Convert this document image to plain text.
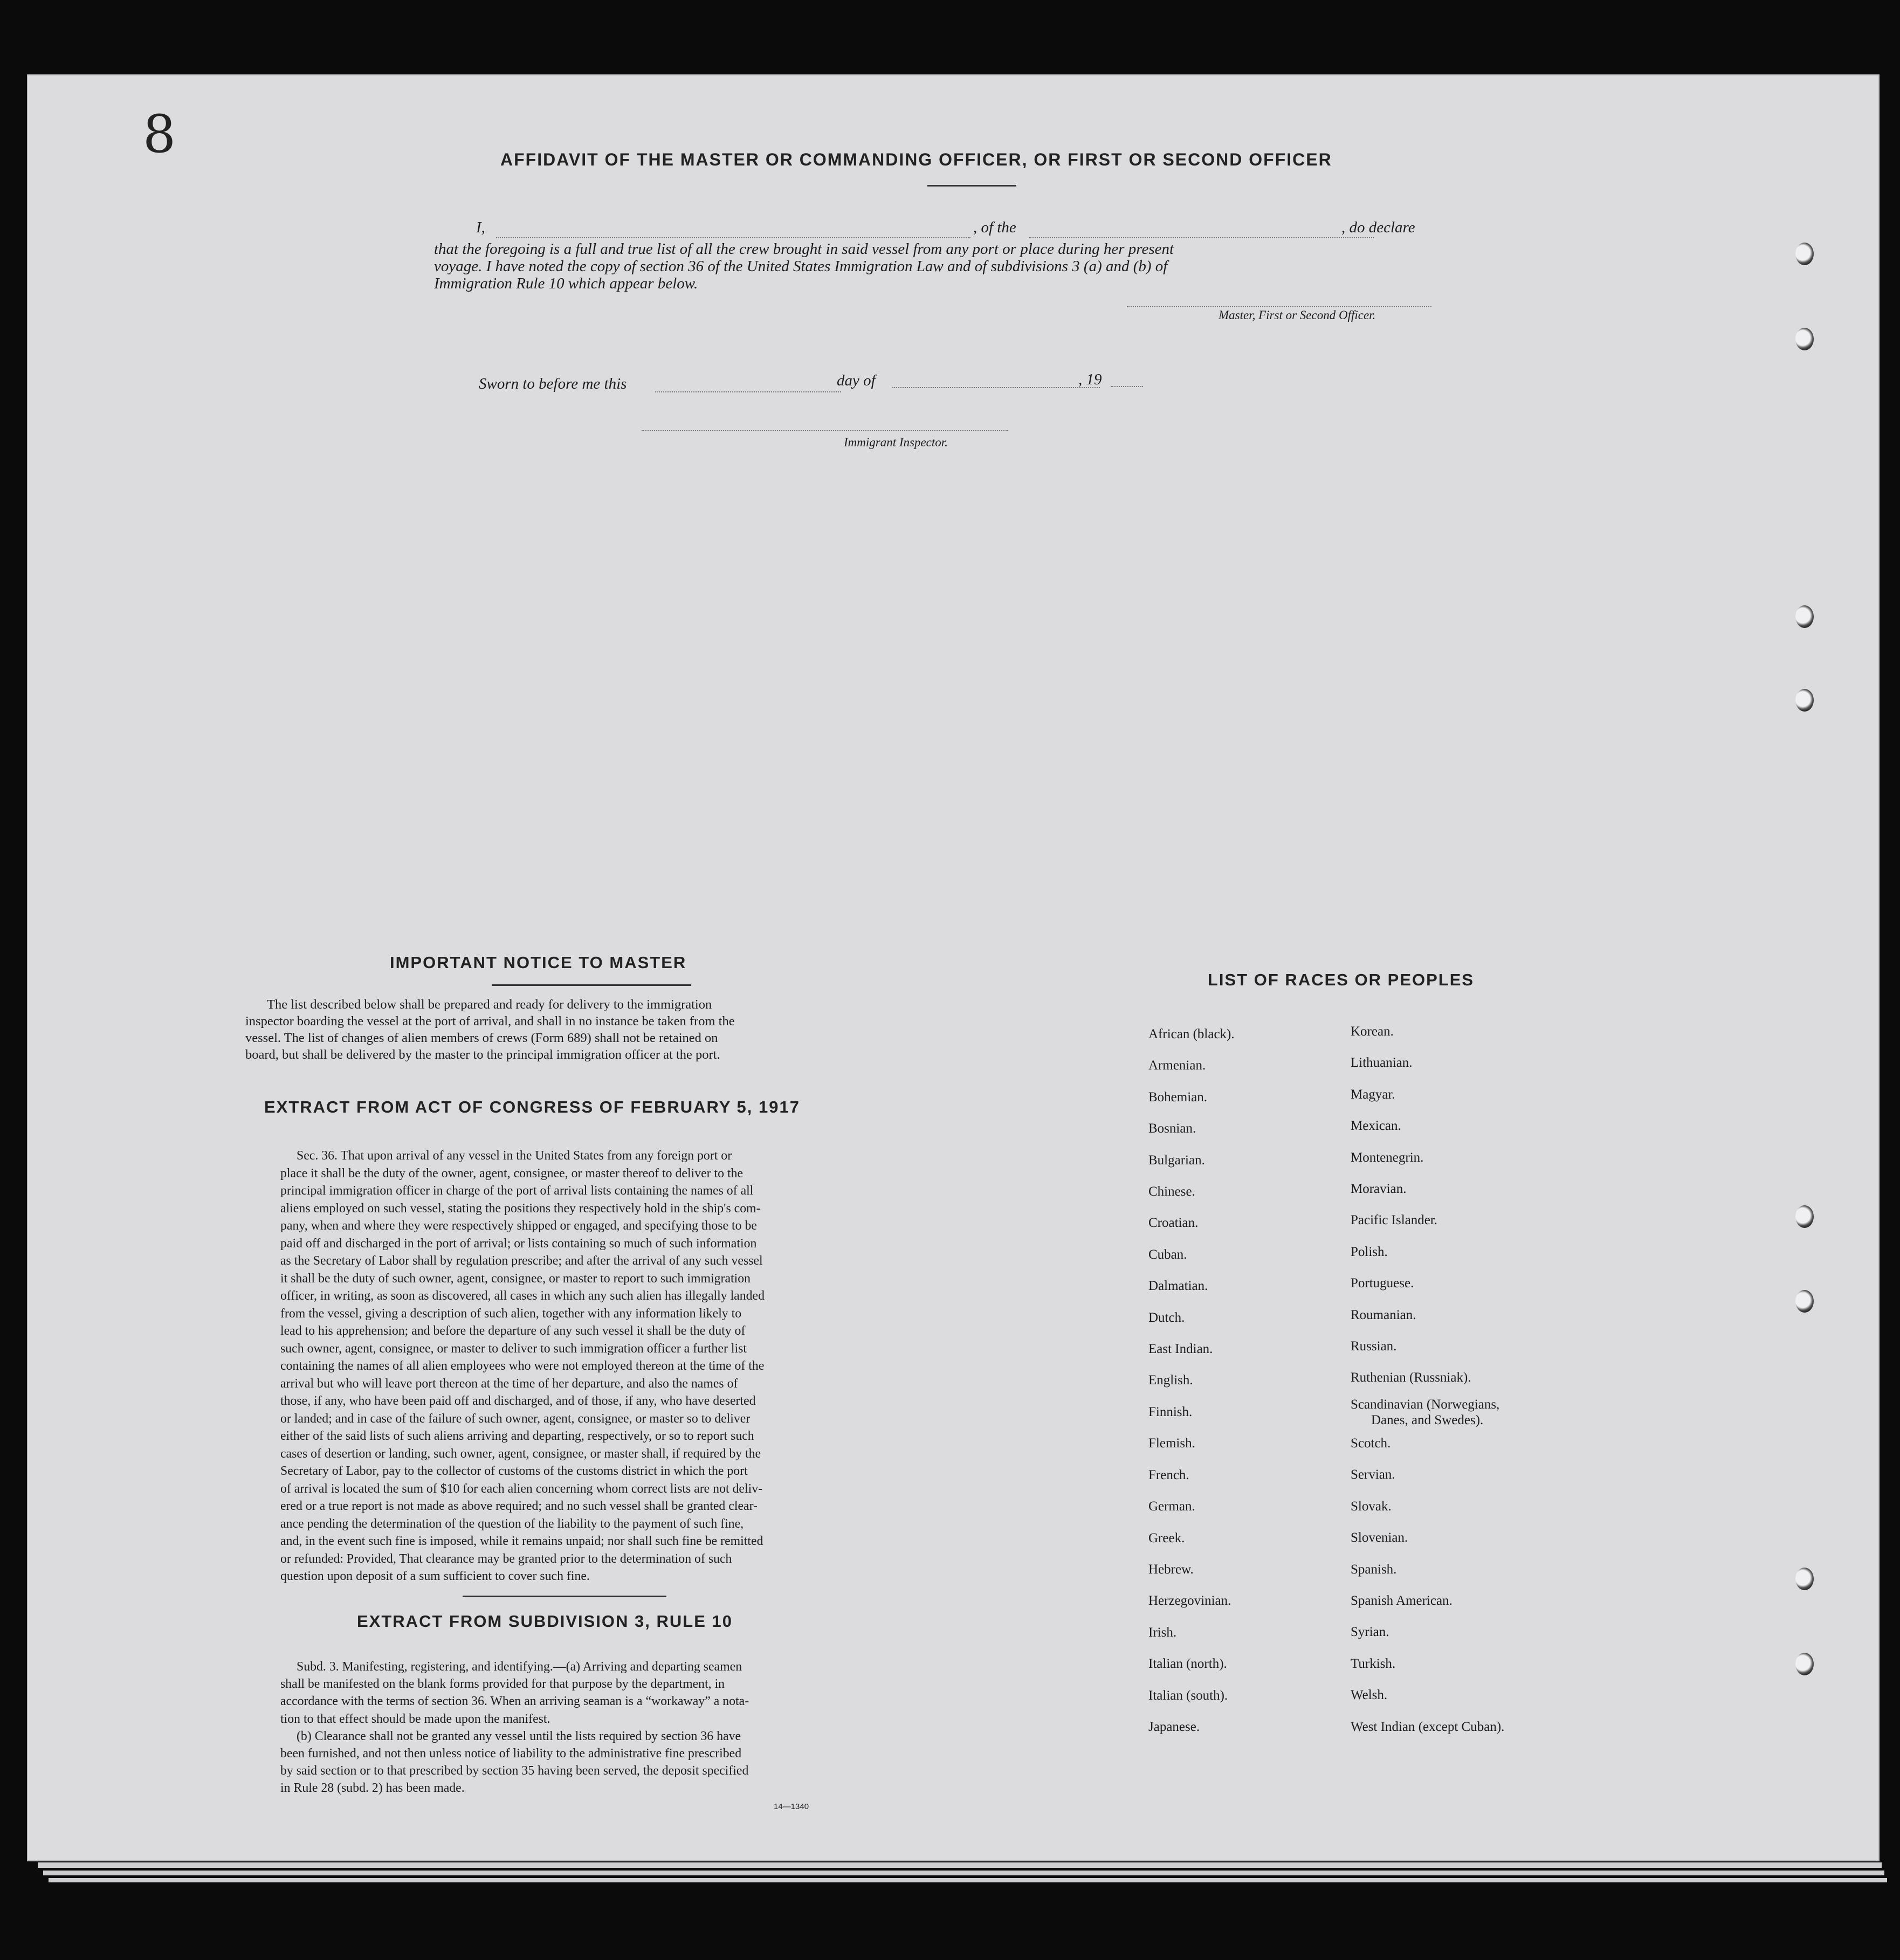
8	AFFIDAVIT OF THE MASTER OR COMMANDING OFFICER, OR FIRST OR SECOND OFFICER
I,	, of the	, do declare
that the foregoing is a full and true list of all the crew brought in said vessel from any port or place during her present
voyage. I have noted the copy of section 36 of the United States Immigration Law and of subdivisions 3 (a) and (b) of
Immigration Rule 10 which appear below.
Master, First or Second Officer.
Sworn to before me this	day of	, 19
Immigrant Inspector.
IMPORTANT NOTICE TO MASTER
The list described below shall be prepared and ready for delivery to the immigration
inspector boarding the vessel at the port of arrival, and shall in no instance be taken from the
vessel. The list of changes of alien members of crews (Form 689) shall not be retained on
board, but shall be delivered by the master to the principal immigration officer at the port.
EXTRACT FROM ACT OF CONGRESS OF FEBRUARY 5, 1917
Sec. 36. That upon arrival of any vessel in the United States from any foreign port or
place it shall be the duty of the owner, agent, consignee, or master thereof to deliver to the
principal immigration officer in charge of the port of arrival lists containing the names of all
aliens employed on such vessel, stating the positions they respectively hold in the ship's com-
pany, when and where they were respectively shipped or engaged, and specifying those to be
paid off and discharged in the port of arrival; or lists containing so much of such information
as the Secretary of Labor shall by regulation prescribe; and after the arrival of any such vessel
it shall be the duty of such owner, agent, consignee, or master to report to such immigration
officer, in writing, as soon as discovered, all cases in which any such alien has illegally landed
from the vessel, giving a description of such alien, together with any information likely to
lead to his apprehension; and before the departure of any such vessel it shall be the duty of
such owner, agent, consignee, or master to deliver to such immigration officer a further list
containing the names of all alien employees who were not employed thereon at the time of the
arrival but who will leave port thereon at the time of her departure, and also the names of
those, if any, who have been paid off and discharged, and of those, if any, who have deserted
or landed; and in case of the failure of such owner, agent, consignee, or master so to deliver
either of the said lists of such aliens arriving and departing, respectively, or so to report such
cases of desertion or landing, such owner, agent, consignee, or master shall, if required by the
Secretary of Labor, pay to the collector of customs of the customs district in which the port
of arrival is located the sum of $10 for each alien concerning whom correct lists are not deliv-
ered or a true report is not made as above required; and no such vessel shall be granted clear-
ance pending the determination of the question of the liability to the payment of such fine,
and, in the event such fine is imposed, while it remains unpaid; nor shall such fine be remitted
or refunded: Provided, That clearance may be granted prior to the determination of such
question upon deposit of a sum sufficient to cover such fine.
EXTRACT FROM SUBDIVISION 3, RULE 10
Subd. 3. Manifesting, registering, and identifying.—(a) Arriving and departing seamen
shall be manifested on the blank forms provided for that purpose by the department, in
accordance with the terms of section 36. When an arriving seaman is a “workaway” a nota-
tion to that effect should be made upon the manifest.
(b) Clearance shall not be granted any vessel until the lists required by section 36 have
been furnished, and not then unless notice of liability to the administrative fine prescribed
by said section or to that prescribed by section 35 having been served, the deposit specified
in Rule 28 (subd. 2) has been made.
14—1340
LIST OF RACES OR PEOPLES
African (black).
Armenian.
Bohemian.
Bosnian.
Bulgarian.
Chinese.
Croatian.
Cuban.
Dalmatian.
Dutch.
East Indian.
English.
Finnish.
Flemish.
French.
German.
Greek.
Hebrew.
Herzegovinian.
Irish.
Italian (north).
Italian (south).
Japanese.
Korean.
Lithuanian.
Magyar.
Mexican.
Montenegrin.
Moravian.
Pacific Islander.
Polish.
Portuguese.
Roumanian.
Russian.
Ruthenian (Russniak).
Scandinavian (Norwegians,
Danes, and Swedes).
Scotch.
Servian.
Slovak.
Slovenian.
Spanish.
Spanish American.
Syrian.
Turkish.
Welsh.
West Indian (except Cuban).
